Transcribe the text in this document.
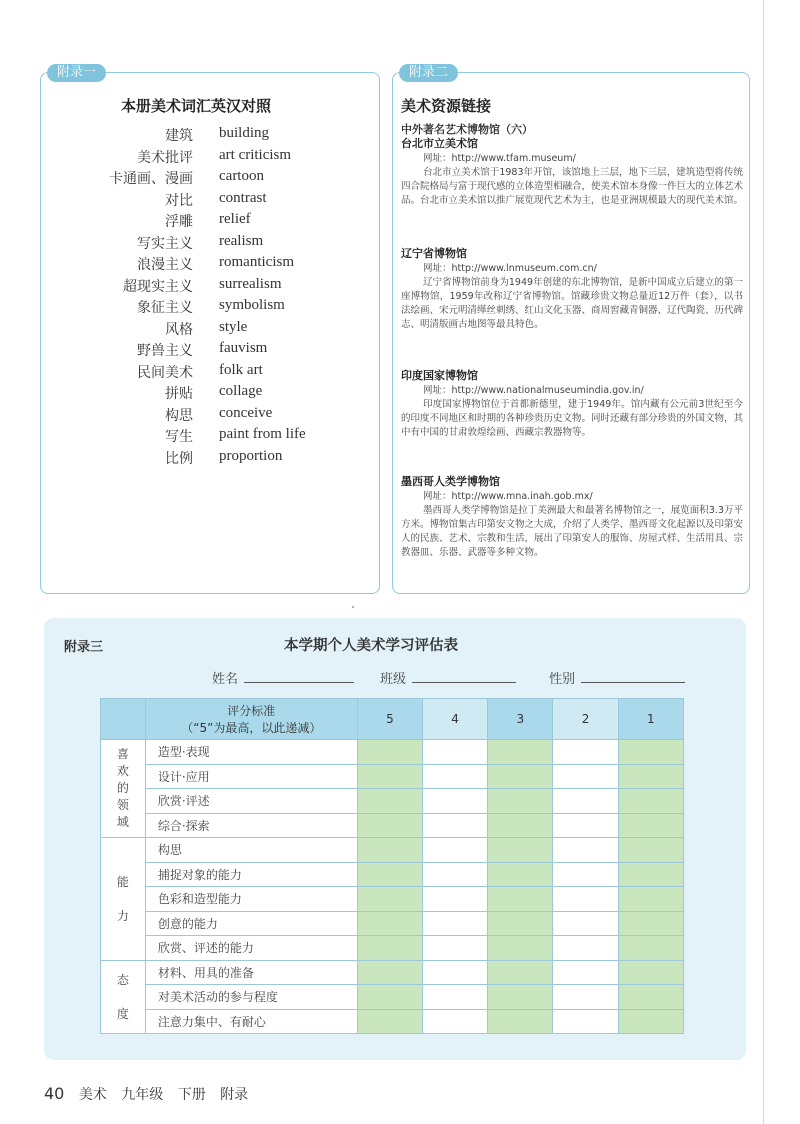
附录一
本册美术词汇英汉对照
建筑 building
美术批评 art criticism
卡通画、漫画 cartoon
对比 contrast
浮雕 relief
写实主义 realism
浪漫主义 romanticism
超现实主义 surrealism
象征主义 symbolism
风格 style
野兽主义 fauvism
民间美术 folk art
拼贴 collage
构思 conceive
写生 paint from life
比例 proportion
附录二
美术资源链接
中外著名艺术博物馆（六）
台北市立美术馆
网址：http://www.tfam.museum/
台北市立美术馆于1983年开馆，该馆地上三层，地下三层，建筑造型将传统四合院格局与富于现代感的立体造型相融合，使美术馆本身像一件巨大的立体艺术品。台北市立美术馆以推广展览现代艺术为主，也是亚洲规模最大的现代美术馆。
辽宁省博物馆
网址：http://www.lnmuseum.com.cn/
辽宁省博物馆前身为1949年创建的东北博物馆，是新中国成立后建立的第一座博物馆，1959年改称辽宁省博物馆。馆藏珍贵文物总量近12万件（套），以书法绘画、宋元明清缂丝刺绣、红山文化玉器、商周窖藏青铜器、辽代陶瓷、历代碑志、明清版画古地图等最具特色。
印度国家博物馆
网址：http://www.nationalmuseumindia.gov.in/
印度国家博物馆位于首都新德里，建于1949年。馆内藏有公元前3世纪至今的印度不同地区和时期的各种珍贵历史文物。同时还藏有部分珍贵的外国文物，其中有中国的甘肃敦煌绘画、西藏宗教器物等。
墨西哥人类学博物馆
网址：http://www.mna.inah.gob.mx/
墨西哥人类学博物馆是拉丁美洲最大和最著名博物馆之一，展览面积3.3万平方米。博物馆集古印第安文物之大成，介绍了人类学、墨西哥文化起源以及印第安人的民族、艺术、宗教和生活，展出了印第安人的服饰、房屋式样、生活用具、宗教器皿、乐器、武器等多种文物。
附录三	本学期个人美术学习评估表
姓名	班级	性别

	评分标准
（“5”为最高，以此递减）	5	4	3	2	1

喜欢的领域	造型·表现					
	设计·应用					
	欣赏·评述					
	综合·探索					

能力	构思					
	捕捉对象的能力					
	色彩和造型能力					
	创意的能力					
	欣赏、评述的能力					

态度	材料、用具的准备					
	对美术活动的参与程度					
	注意力集中、有耐心					
40 美术 九年级 下册 附录
